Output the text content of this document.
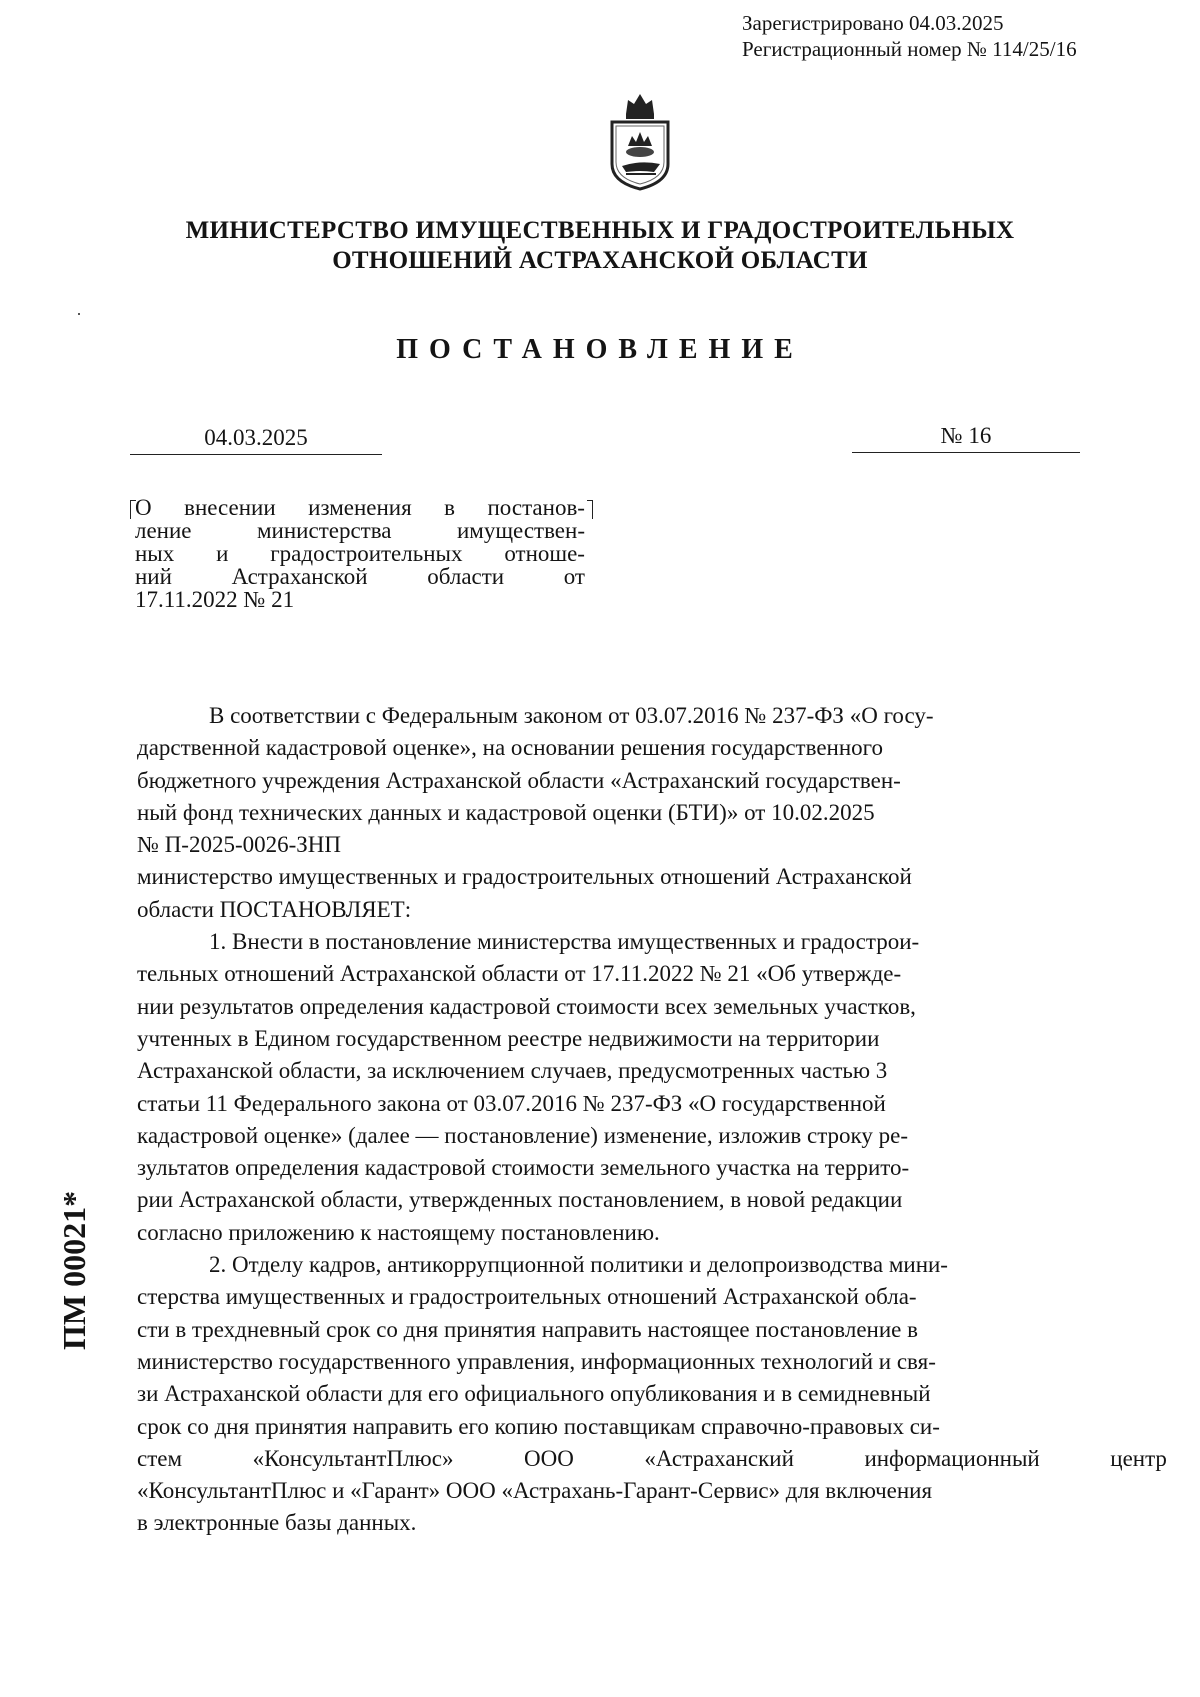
Зарегистрировано 04.03.2025
Регистрационный номер № 114/25/16
МИНИСТЕРСТВО ИМУЩЕСТВЕННЫХ И ГРАДОСТРОИТЕЛЬНЫХ
ОТНОШЕНИЙ АСТРАХАНСКОЙ ОБЛАСТИ
ПОСТАНОВЛЕНИЕ
04.03.2025	№ 16
О внесении изменения в постанов-
ление	министерства	имуществен-
ных и градостроительных отноше-
ний	Астраханской	области	от
17.11.2022 № 21
В соответствии с Федеральным законом от 03.07.2016 № 237-ФЗ «О госу-
дарственной кадастровой оценке», на основании решения государственного
бюджетного учреждения Астраханской области «Астраханский государствен-
ный фонд технических данных и кадастровой оценки (БТИ)» от 10.02.2025
№ П-2025-0026-ЗНП
министерство имущественных и градостроительных отношений Астраханской
области ПОСТАНОВЛЯЕТ:
1. Внести в постановление министерства имущественных и градострои-
тельных отношений Астраханской области от 17.11.2022 № 21 «Об утвержде-
нии результатов определения кадастровой стоимости всех земельных участков,
учтенных в Едином государственном реестре недвижимости на территории
Астраханской области, за исключением случаев, предусмотренных частью 3
статьи 11 Федерального закона от 03.07.2016 № 237-ФЗ «О государственной
кадастровой оценке» (далее — постановление) изменение, изложив строку ре-
зультатов определения кадастровой стоимости земельного участка на террито-
рии Астраханской области, утвержденных постановлением, в новой редакции
согласно приложению к настоящему постановлению.
2. Отделу кадров, антикоррупционной политики и делопроизводства мини-
стерства имущественных и градостроительных отношений Астраханской обла-
сти в трехдневный срок со дня принятия направить настоящее постановление в
министерство государственного управления, информационных технологий и свя-
зи Астраханской области для его официального опубликования и в семидневный
срок со дня принятия направить его копию поставщикам справочно-правовых си-
стем	«КонсультантПлюс»	ООО	«Астраханский	информационный	центр
«КонсультантПлюс и «Гарант» ООО «Астрахань-Гарант-Сервис» для включения
в электронные базы данных.
ПМ 00021*
